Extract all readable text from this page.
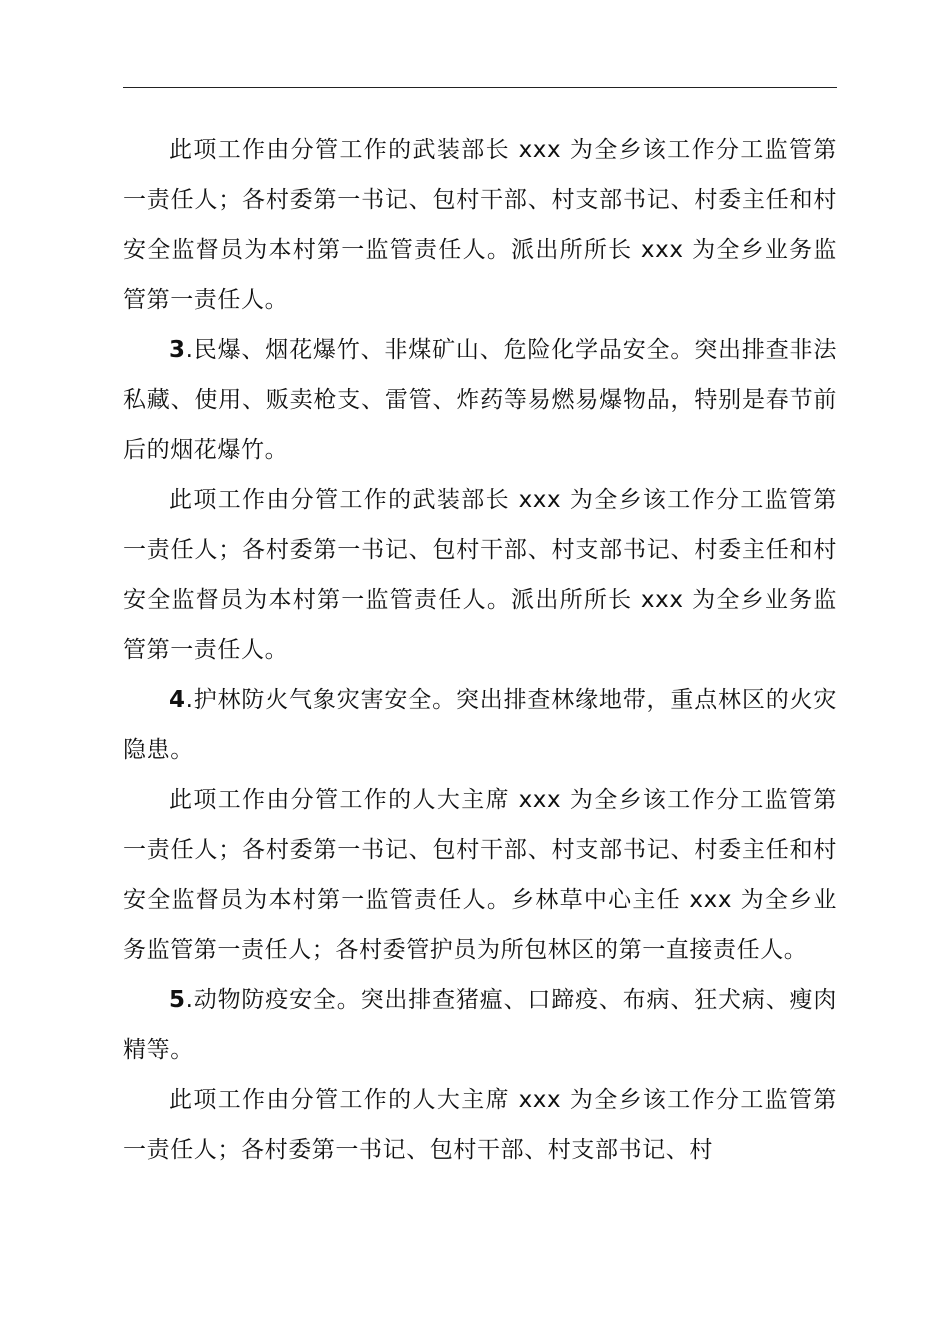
此项工作由分管工作的武装部长 xxx 为全乡该工作分工监管第一责任人；各村委第一书记、包村干部、村支部书记、村委主任和村安全监督员为本村第一监管责任人。派出所所长 xxx 为全乡业务监管第一责任人。

3.民爆、烟花爆竹、非煤矿山、危险化学品安全。突出排查非法私藏、使用、贩卖枪支、雷管、炸药等易燃易爆物品，特别是春节前后的烟花爆竹。

此项工作由分管工作的武装部长 xxx 为全乡该工作分工监管第一责任人；各村委第一书记、包村干部、村支部书记、村委主任和村安全监督员为本村第一监管责任人。派出所所长 xxx 为全乡业务监管第一责任人。

4.护林防火气象灾害安全。突出排查林缘地带，重点林区的火灾隐患。

此项工作由分管工作的人大主席 xxx 为全乡该工作分工监管第一责任人；各村委第一书记、包村干部、村支部书记、村委主任和村安全监督员为本村第一监管责任人。乡林草中心主任 xxx 为全乡业务监管第一责任人；各村委管护员为所包林区的第一直接责任人。

5.动物防疫安全。突出排查猪瘟、口蹄疫、布病、狂犬病、瘦肉精等。

此项工作由分管工作的人大主席 xxx 为全乡该工作分工监管第一责任人；各村委第一书记、包村干部、村支部书记、村
